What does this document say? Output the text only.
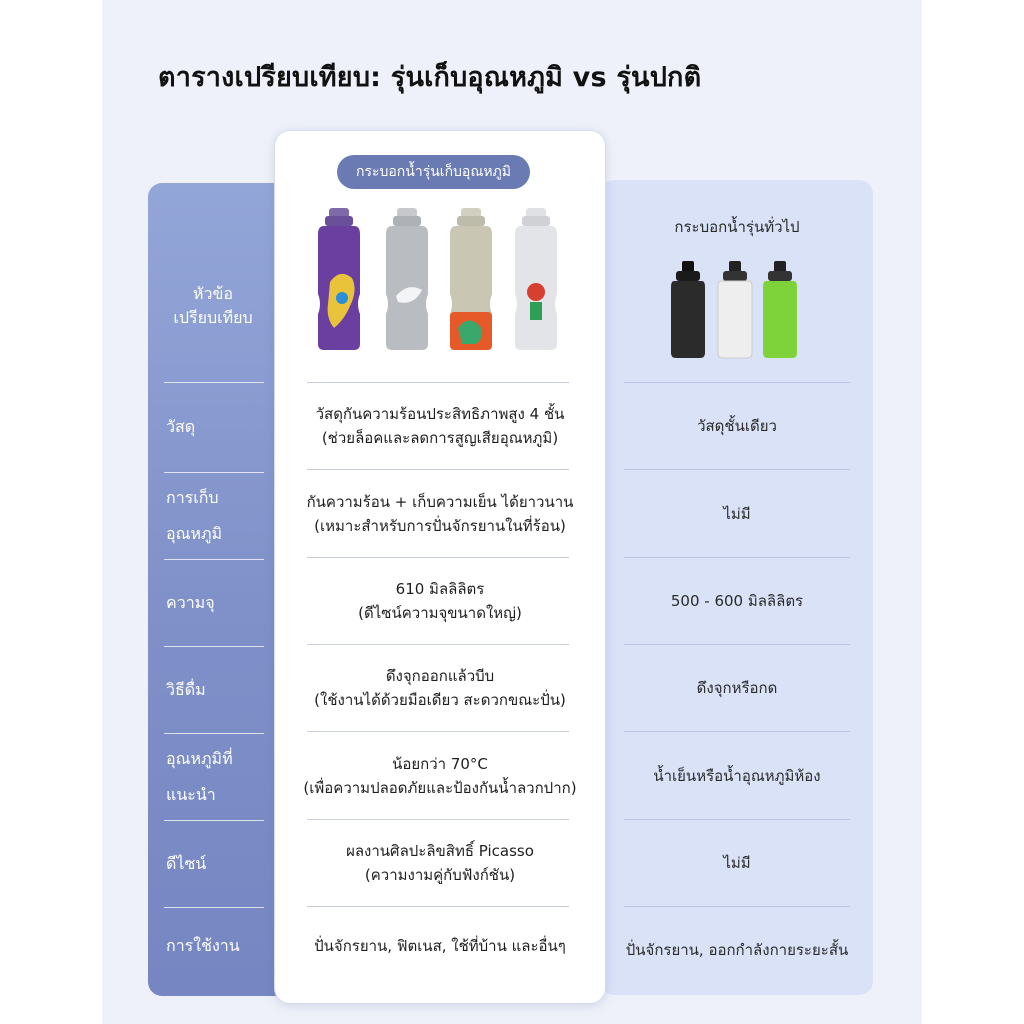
ตารางเปรียบเทียบ: รุ่นเก็บอุณหภูมิ vs รุ่นปกติ
กระบอกน้ำรุ่นเก็บอุณหภูมิ
กระบอกน้ำรุ่นทั่วไป
หัวข้อ
เปรียบเทียบ
วัสดุ
วัสดุกันความร้อนประสิทธิภาพสูง 4 ชั้น
(ช่วยล็อคและลดการสูญเสียอุณหภูมิ)
วัสดุชั้นเดียว
การเก็บ
อุณหภูมิ
กันความร้อน + เก็บความเย็น ได้ยาวนาน
(เหมาะสำหรับการปั่นจักรยานในที่ร้อน)
ไม่มี
ความจุ
610 มิลลิลิตร
(ดีไซน์ความจุขนาดใหญ่)
500 - 600 มิลลิลิตร
วิธีดื่ม
ดึงจุกออกแล้วบีบ
(ใช้งานได้ด้วยมือเดียว สะดวกขณะปั่น)
ดึงจุกหรือกด
อุณหภูมิที่
แนะนำ
น้อยกว่า 70°C
(เพื่อความปลอดภัยและป้องกันน้ำลวกปาก)
น้ำเย็นหรือน้ำอุณหภูมิห้อง
ดีไซน์
ผลงานศิลปะลิขสิทธิ์ Picasso
(ความงามคู่กับฟังก์ชัน)
ไม่มี
การใช้งาน	ปั่นจักรยาน, ฟิตเนส, ใช้ที่บ้าน และอื่นๆ	ปั่นจักรยาน, ออกกำลังกายระยะสั้น
